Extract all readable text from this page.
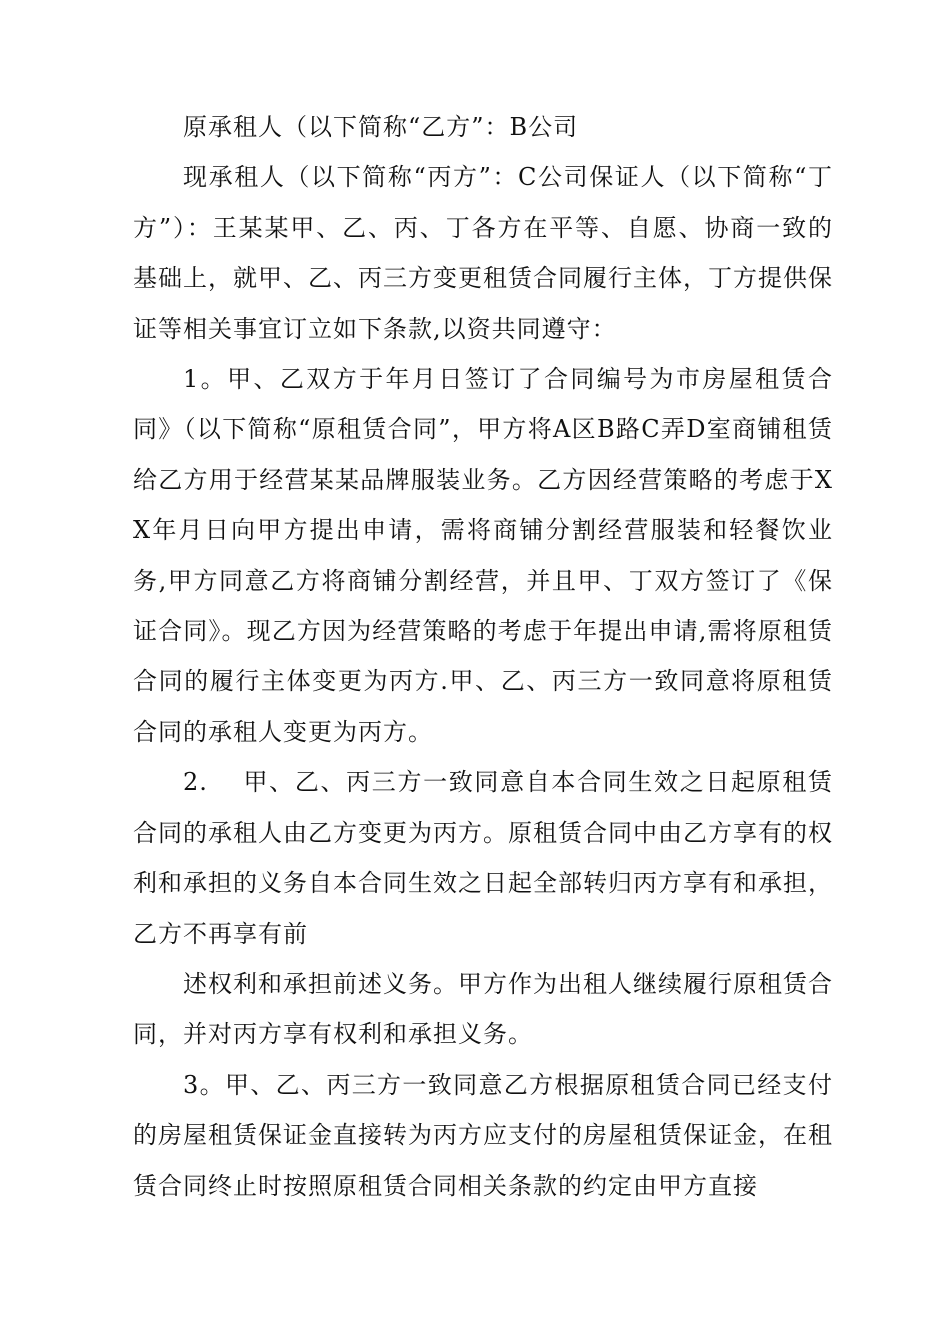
原承租人（以下简称“乙方”：B公司

现承租人（以下简称“丙方”：C公司保证人（以下简称“丁方”）：王某某甲、乙、丙、丁各方在平等、自愿、协商一致的基础上，就甲、乙、丙三方变更租赁合同履行主体，丁方提供保证等相关事宜订立如下条款,以资共同遵守：

1。甲、乙双方于年月日签订了合同编号为市房屋租赁合同》（以下简称“原租赁合同”，甲方将A区B路C弄D室商铺租赁给乙方用于经营某某品牌服装业务。乙方因经营策略的考虑于XX年月日向甲方提出申请，需将商铺分割经营服装和轻餐饮业务,甲方同意乙方将商铺分割经营，并且甲、丁双方签订了《保证合同》。现乙方因为经营策略的考虑于年提出申请,需将原租赁合同的履行主体变更为丙方.甲、乙、丙三方一致同意将原租赁合同的承租人变更为丙方。

2.　 甲、乙、丙三方一致同意自本合同生效之日起原租赁合同的承租人由乙方变更为丙方。原租赁合同中由乙方享有的权利和承担的义务自本合同生效之日起全部转归丙方享有和承担，乙方不再享有前

述权利和承担前述义务。甲方作为出租人继续履行原租赁合同，并对丙方享有权利和承担义务。

3。甲、乙、丙三方一致同意乙方根据原租赁合同已经支付的房屋租赁保证金直接转为丙方应支付的房屋租赁保证金，在租赁合同终止时按照原租赁合同相关条款的约定由甲方直接
